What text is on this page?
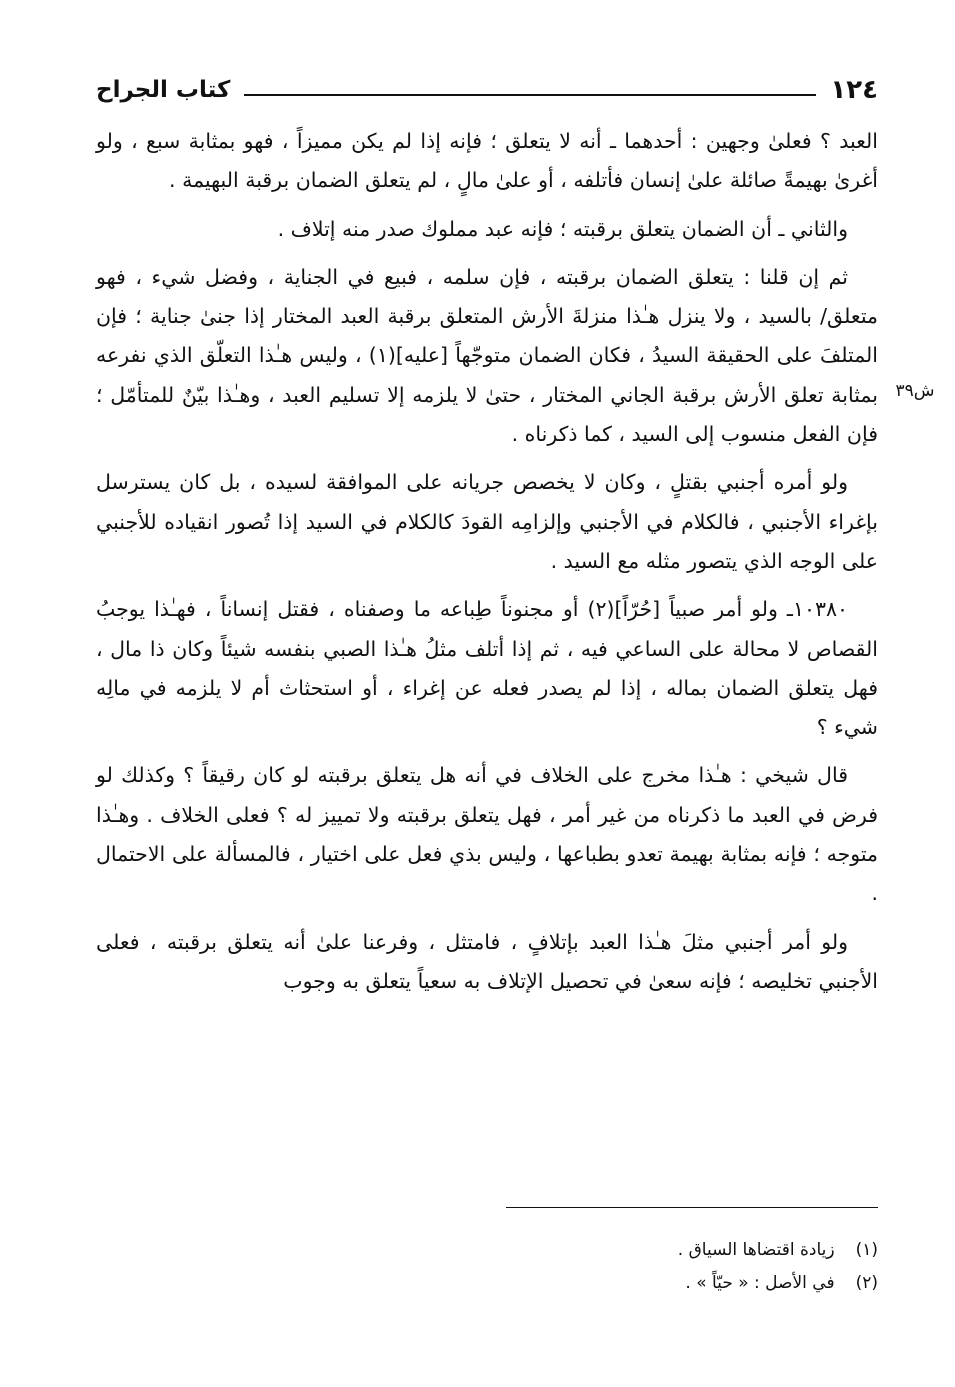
١٢٤
كتاب الجراح
ش٣٩

العبد ؟ فعلىٰ وجهين : أحدهما ـ أنه لا يتعلق ؛ فإنه إذا لم يكن مميزاً ، فهو بمثابة سبع ، ولو أغرىٰ بهيمةً صائلة علىٰ إنسان فأتلفه ، أو علىٰ مالٍ ، لم يتعلق الضمان برقبة البهيمة .

والثاني ـ أن الضمان يتعلق برقبته ؛ فإنه عبد مملوك صدر منه إتلاف .

ثم إن قلنا : يتعلق الضمان برقبته ، فإن سلمه ، فبيع في الجناية ، وفضل شيء ، فهو متعلق/ بالسيد ، ولا ينزل هـٰذا منزلةَ الأرش المتعلق برقبة العبد المختار إذا جنىٰ جناية ؛ فإن المتلفَ على الحقيقة السيدُ ، فكان الضمان متوجّهاً [عليه](١) ، وليس هـٰذا التعلّق الذي نفرعه بمثابة تعلق الأرش برقبة الجاني المختار ، حتىٰ لا يلزمه إلا تسليم العبد ، وهـٰذا بيّنٌ للمتأمّل ؛ فإن الفعل منسوب إلى السيد ، كما ذكرناه .

ولو أمره أجنبي بقتلٍ ، وكان لا يخصص جريانه على الموافقة لسيده ، بل كان يسترسل بإغراء الأجنبي ، فالكلام في الأجنبي وإلزامِه القودَ كالكلام في السيد إذا تُصور انقياده للأجنبي على الوجه الذي يتصور مثله مع السيد .

١٠٣٨٠ـ ولو أمر صبياً [حُرّاً](٢) أو مجنوناً طِباعه ما وصفناه ، فقتل إنساناً ، فهـٰذا يوجبُ القصاص لا محالة على الساعي فيه ، ثم إذا أتلف مثلُ هـٰذا الصبي بنفسه شيئاً وكان ذا مال ، فهل يتعلق الضمان بماله ، إذا لم يصدر فعله عن إغراء ، أو استحثاث أم لا يلزمه في مالِه شيء ؟

قال شيخي : هـٰذا مخرج على الخلاف في أنه هل يتعلق برقبته لو كان رقيقاً ؟ وكذلك لو فرض في العبد ما ذكرناه من غير أمر ، فهل يتعلق برقبته ولا تمييز له ؟ فعلى الخلاف . وهـٰذا متوجه ؛ فإنه بمثابة بهيمة تعدو بطباعها ، وليس بذي فعل على اختيار ، فالمسألة على الاحتمال .

ولو أمر أجنبي مثلَ هـٰذا العبد بإتلافٍ ، فامتثل ، وفرعنا علىٰ أنه يتعلق برقبته ، فعلى الأجنبي تخليصه ؛ فإنه سعىٰ في تحصيل الإتلاف به سعياً يتعلق به وجوب

(١) زيادة اقتضاها السياق .
(٢) في الأصل : « حيّاً » .
